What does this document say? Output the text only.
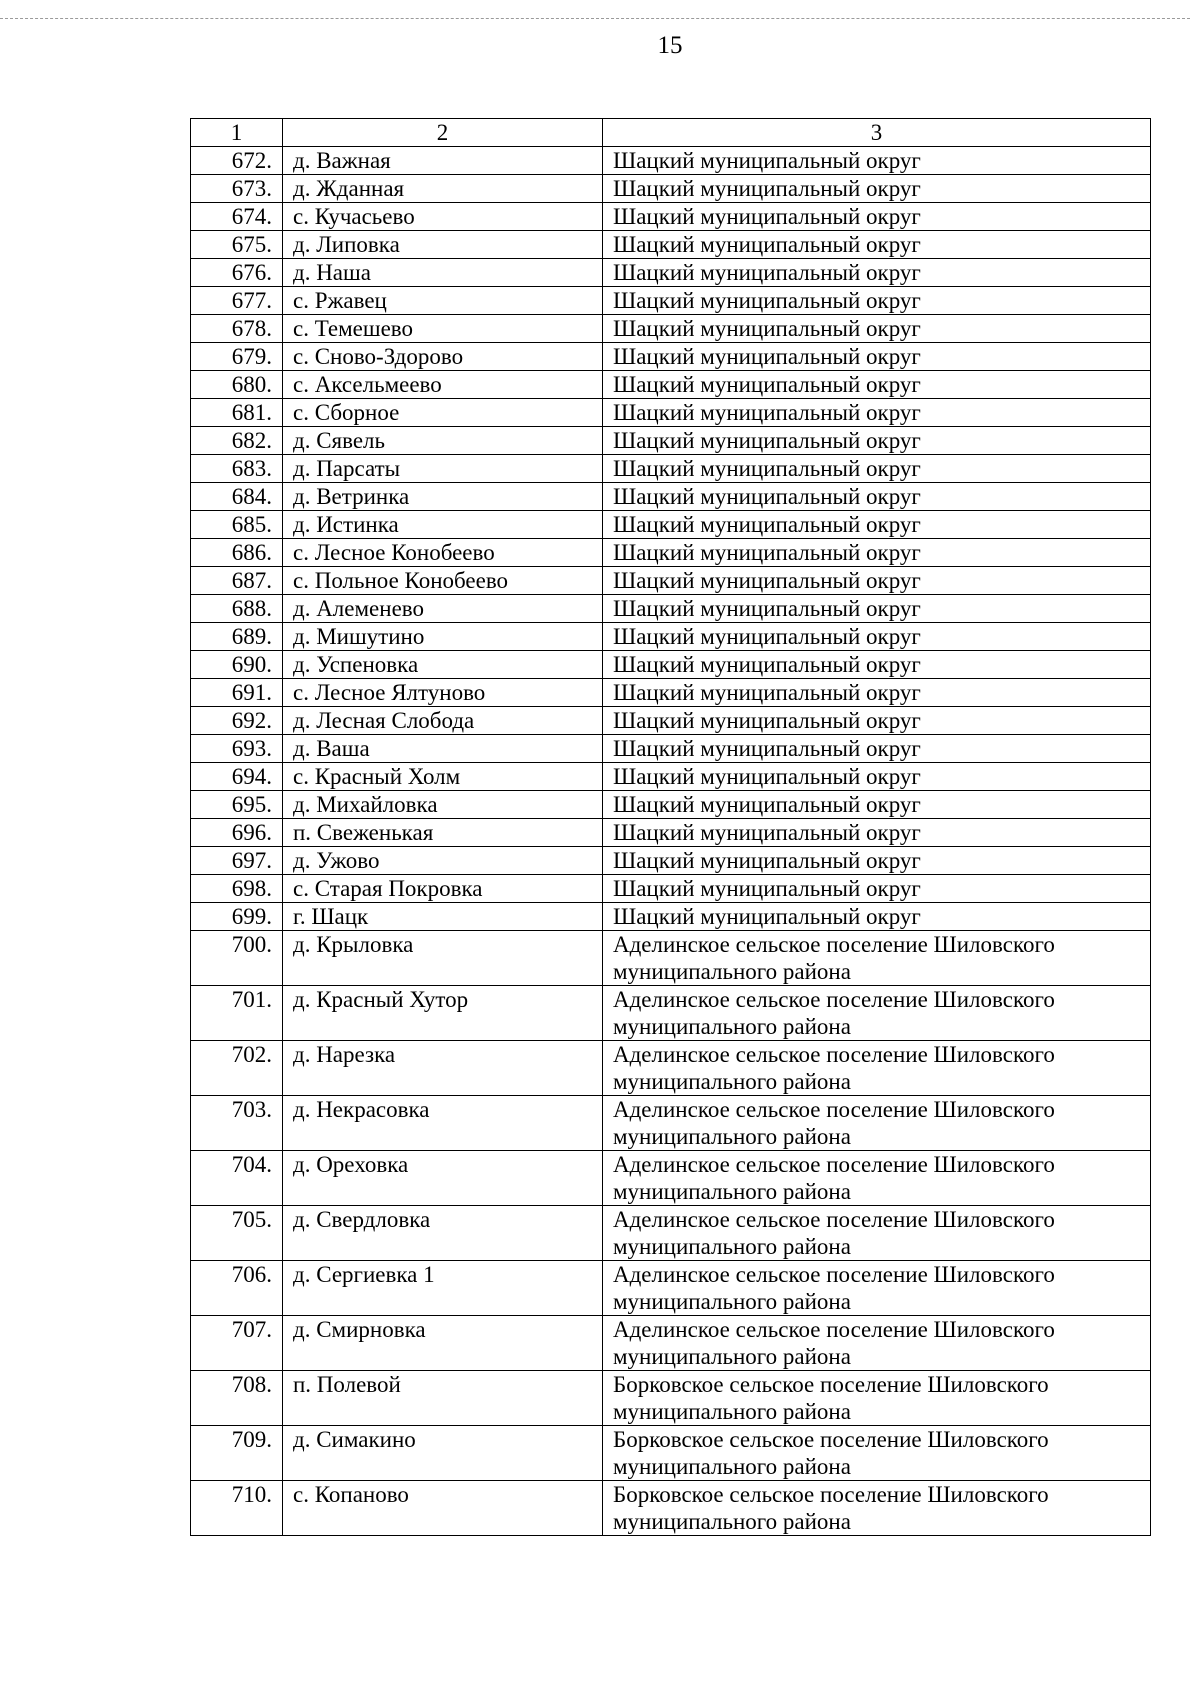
15
1	2	3
672.	д. Важная	Шацкий муниципальный округ
673.	д. Жданная	Шацкий муниципальный округ
674.	с. Кучасьево	Шацкий муниципальный округ
675.	д. Липовка	Шацкий муниципальный округ
676.	д. Наша	Шацкий муниципальный округ
677.	с. Ржавец	Шацкий муниципальный округ
678.	с. Темешево	Шацкий муниципальный округ
679.	с. Сново-Здорово	Шацкий муниципальный округ
680.	с. Аксельмеево	Шацкий муниципальный округ
681.	с. Сборное	Шацкий муниципальный округ
682.	д. Сявель	Шацкий муниципальный округ
683.	д. Парсаты	Шацкий муниципальный округ
684.	д. Ветринка	Шацкий муниципальный округ
685.	д. Истинка	Шацкий муниципальный округ
686.	с. Лесное Конобеево	Шацкий муниципальный округ
687.	с. Польное Конобеево	Шацкий муниципальный округ
688.	д. Алеменево	Шацкий муниципальный округ
689.	д. Мишутино	Шацкий муниципальный округ
690.	д. Успеновка	Шацкий муниципальный округ
691.	с. Лесное Ялтуново	Шацкий муниципальный округ
692.	д. Лесная Слобода	Шацкий муниципальный округ
693.	д. Ваша	Шацкий муниципальный округ
694.	с. Красный Холм	Шацкий муниципальный округ
695.	д. Михайловка	Шацкий муниципальный округ
696.	п. Свеженькая	Шацкий муниципальный округ
697.	д. Ужово	Шацкий муниципальный округ
698.	с. Старая Покровка	Шацкий муниципальный округ
699.	г. Шацк	Шацкий муниципальный округ
700.	д. Крыловка	Аделинское сельское поселение Шиловского муниципального района
701.	д. Красный Хутор	Аделинское сельское поселение Шиловского муниципального района
702.	д. Нарезка	Аделинское сельское поселение Шиловского муниципального района
703.	д. Некрасовка	Аделинское сельское поселение Шиловского муниципального района
704.	д. Ореховка	Аделинское сельское поселение Шиловского муниципального района
705.	д. Свердловка	Аделинское сельское поселение Шиловского муниципального района
706.	д. Сергиевка 1	Аделинское сельское поселение Шиловского муниципального района
707.	д. Смирновка	Аделинское сельское поселение Шиловского муниципального района
708.	п. Полевой	Борковское сельское поселение Шиловского муниципального района
709.	д. Симакино	Борковское сельское поселение Шиловского муниципального района
710.	с. Копаново	Борковское сельское поселение Шиловского муниципального района
